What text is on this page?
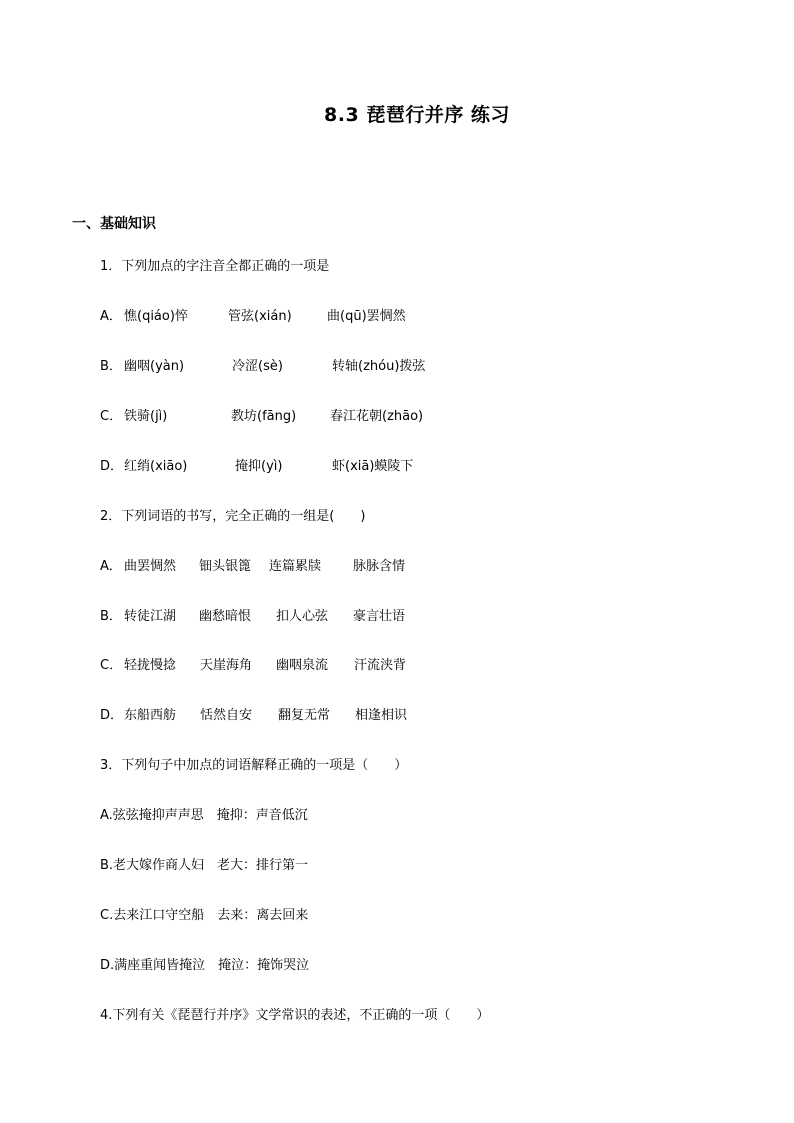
8.3 琵琶行并序 练习
一、基础知识
1．下列加点的字注音全都正确的一项是
A． 憔(qiáo)悴	管弦(xián)	曲(qū)罢惆然
B． 幽咽(yàn)	冷涩(sè)	转轴(zhóu)拨弦
C． 铁骑(jì)	教坊(fāng)	春江花朝(zhāo)
D． 红绡(xiāo)	掩抑(yì)	虾(xiā)蟆陵下
2．下列词语的书写，完全正确的一组是(　　)
A． 曲罢惆然 钿头银篦 连篇累牍 脉脉含情
B． 转徒江湖 幽愁暗恨 扣人心弦 豪言壮语
C． 轻拢慢捻 天崖海角 幽咽泉流 汗流浃背
D． 东船西舫 恬然自安 翻复无常 相逢相识
3．下列句子中加点的词语解释正确的一项是（　　）
A.弦弦掩抑声声思　掩抑：声音低沉
B.老大嫁作商人妇　老大：排行第一
C.去来江口守空船　去来：离去回来
D.满座重闻皆掩泣　掩泣：掩饰哭泣
4.下列有关《琵琶行并序》文学常识的表述，不正确的一项（　　）
